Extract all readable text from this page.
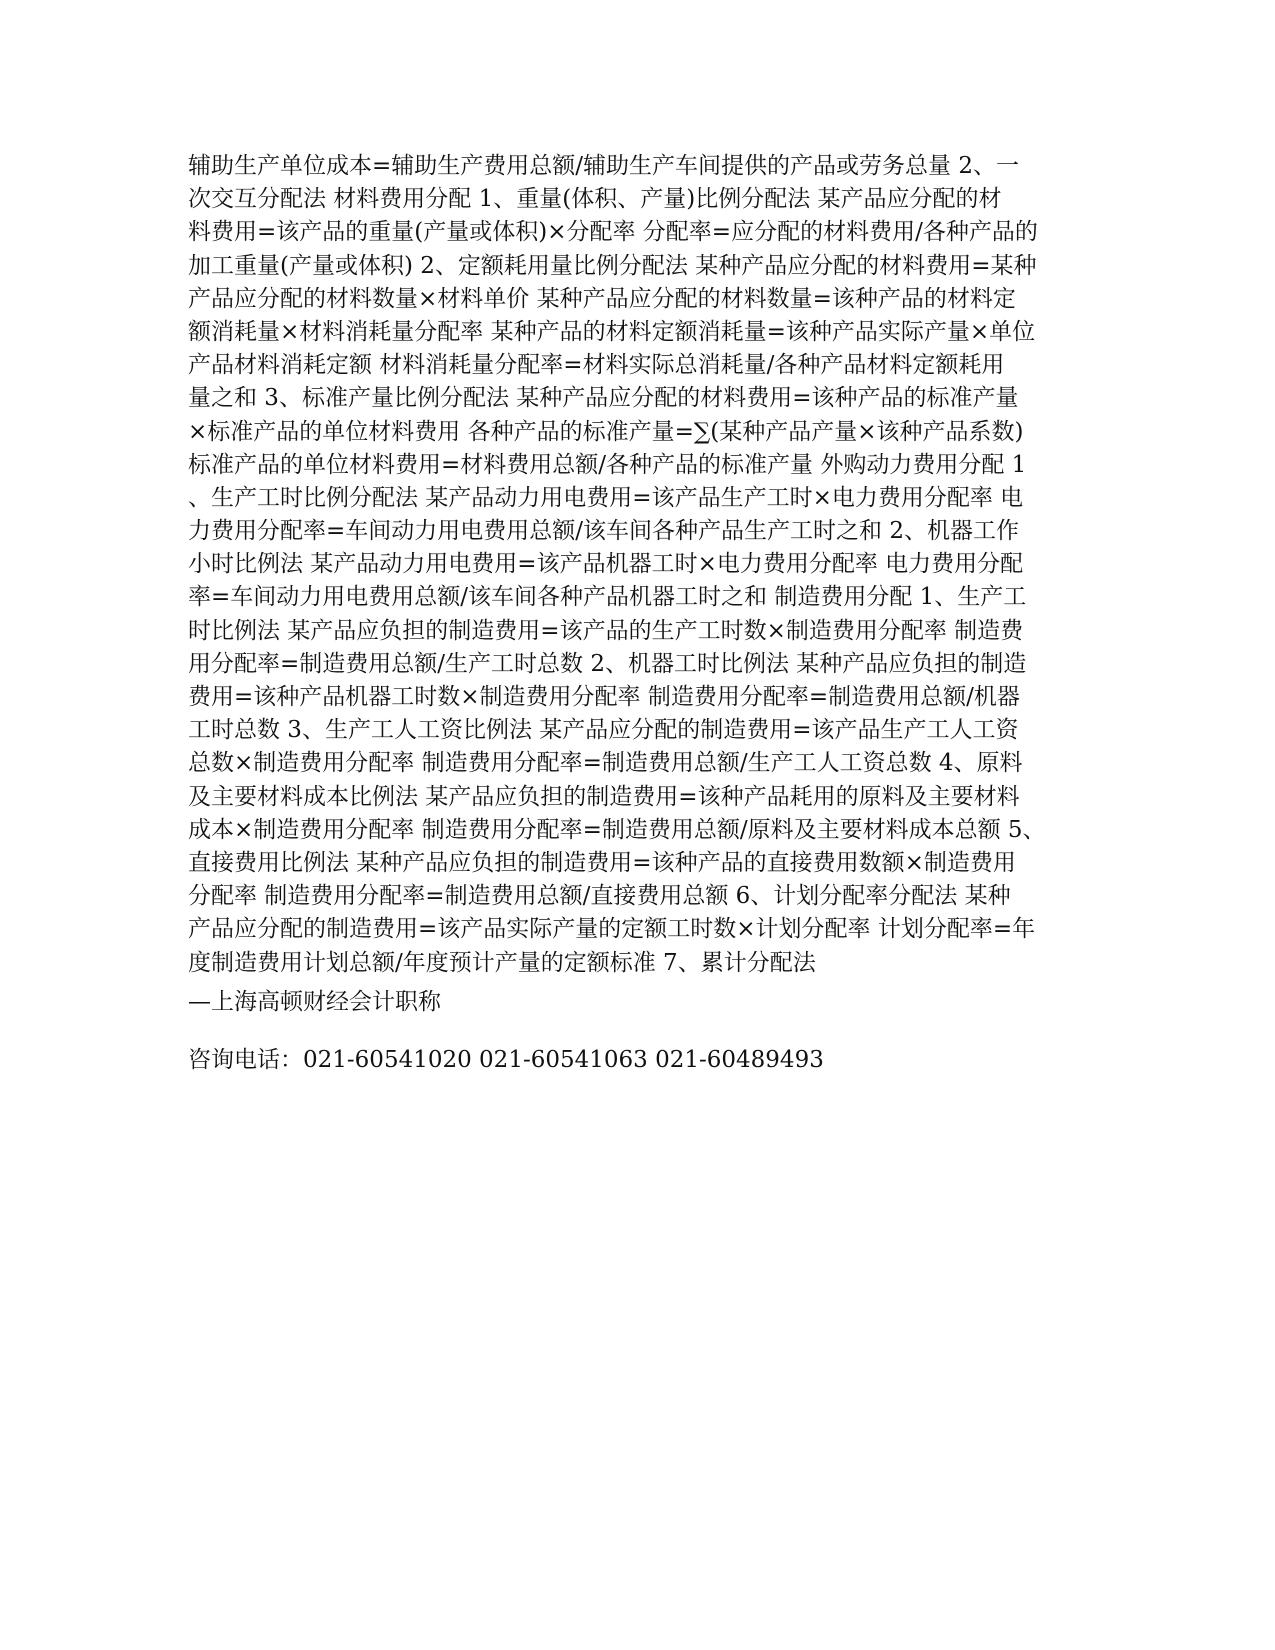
辅助生产单位成本=辅助生产费用总额/辅助生产车间提供的产品或劳务总量 2、一
次交互分配法 材料费用分配 1、重量(体积、产量)比例分配法 某产品应分配的材
料费用=该产品的重量(产量或体积)×分配率 分配率=应分配的材料费用/各种产品的
加工重量(产量或体积) 2、定额耗用量比例分配法 某种产品应分配的材料费用=某种
产品应分配的材料数量×材料单价 某种产品应分配的材料数量=该种产品的材料定
额消耗量×材料消耗量分配率 某种产品的材料定额消耗量=该种产品实际产量×单位
产品材料消耗定额 材料消耗量分配率=材料实际总消耗量/各种产品材料定额耗用
量之和 3、标准产量比例分配法 某种产品应分配的材料费用=该种产品的标准产量
×标准产品的单位材料费用 各种产品的标准产量=∑(某种产品产量×该种产品系数)
标准产品的单位材料费用=材料费用总额/各种产品的标准产量 外购动力费用分配 1
、生产工时比例分配法 某产品动力用电费用=该产品生产工时×电力费用分配率 电
力费用分配率=车间动力用电费用总额/该车间各种产品生产工时之和 2、机器工作
小时比例法 某产品动力用电费用=该产品机器工时×电力费用分配率 电力费用分配
率=车间动力用电费用总额/该车间各种产品机器工时之和 制造费用分配 1、生产工
时比例法 某产品应负担的制造费用=该产品的生产工时数×制造费用分配率 制造费
用分配率=制造费用总额/生产工时总数 2、机器工时比例法 某种产品应负担的制造
费用=该种产品机器工时数×制造费用分配率 制造费用分配率=制造费用总额/机器
工时总数 3、生产工人工资比例法 某产品应分配的制造费用=该产品生产工人工资
总数×制造费用分配率 制造费用分配率=制造费用总额/生产工人工资总数 4、原料
及主要材料成本比例法 某产品应负担的制造费用=该种产品耗用的原料及主要材料
成本×制造费用分配率 制造费用分配率=制造费用总额/原料及主要材料成本总额 5、
直接费用比例法 某种产品应负担的制造费用=该种产品的直接费用数额×制造费用
分配率 制造费用分配率=制造费用总额/直接费用总额 6、计划分配率分配法 某种
产品应分配的制造费用=该产品实际产量的定额工时数×计划分配率 计划分配率=年
度制造费用计划总额/年度预计产量的定额标准 7、累计分配法

—上海高顿财经会计职称

咨询电话：021-60541020 021-60541063 021-60489493
